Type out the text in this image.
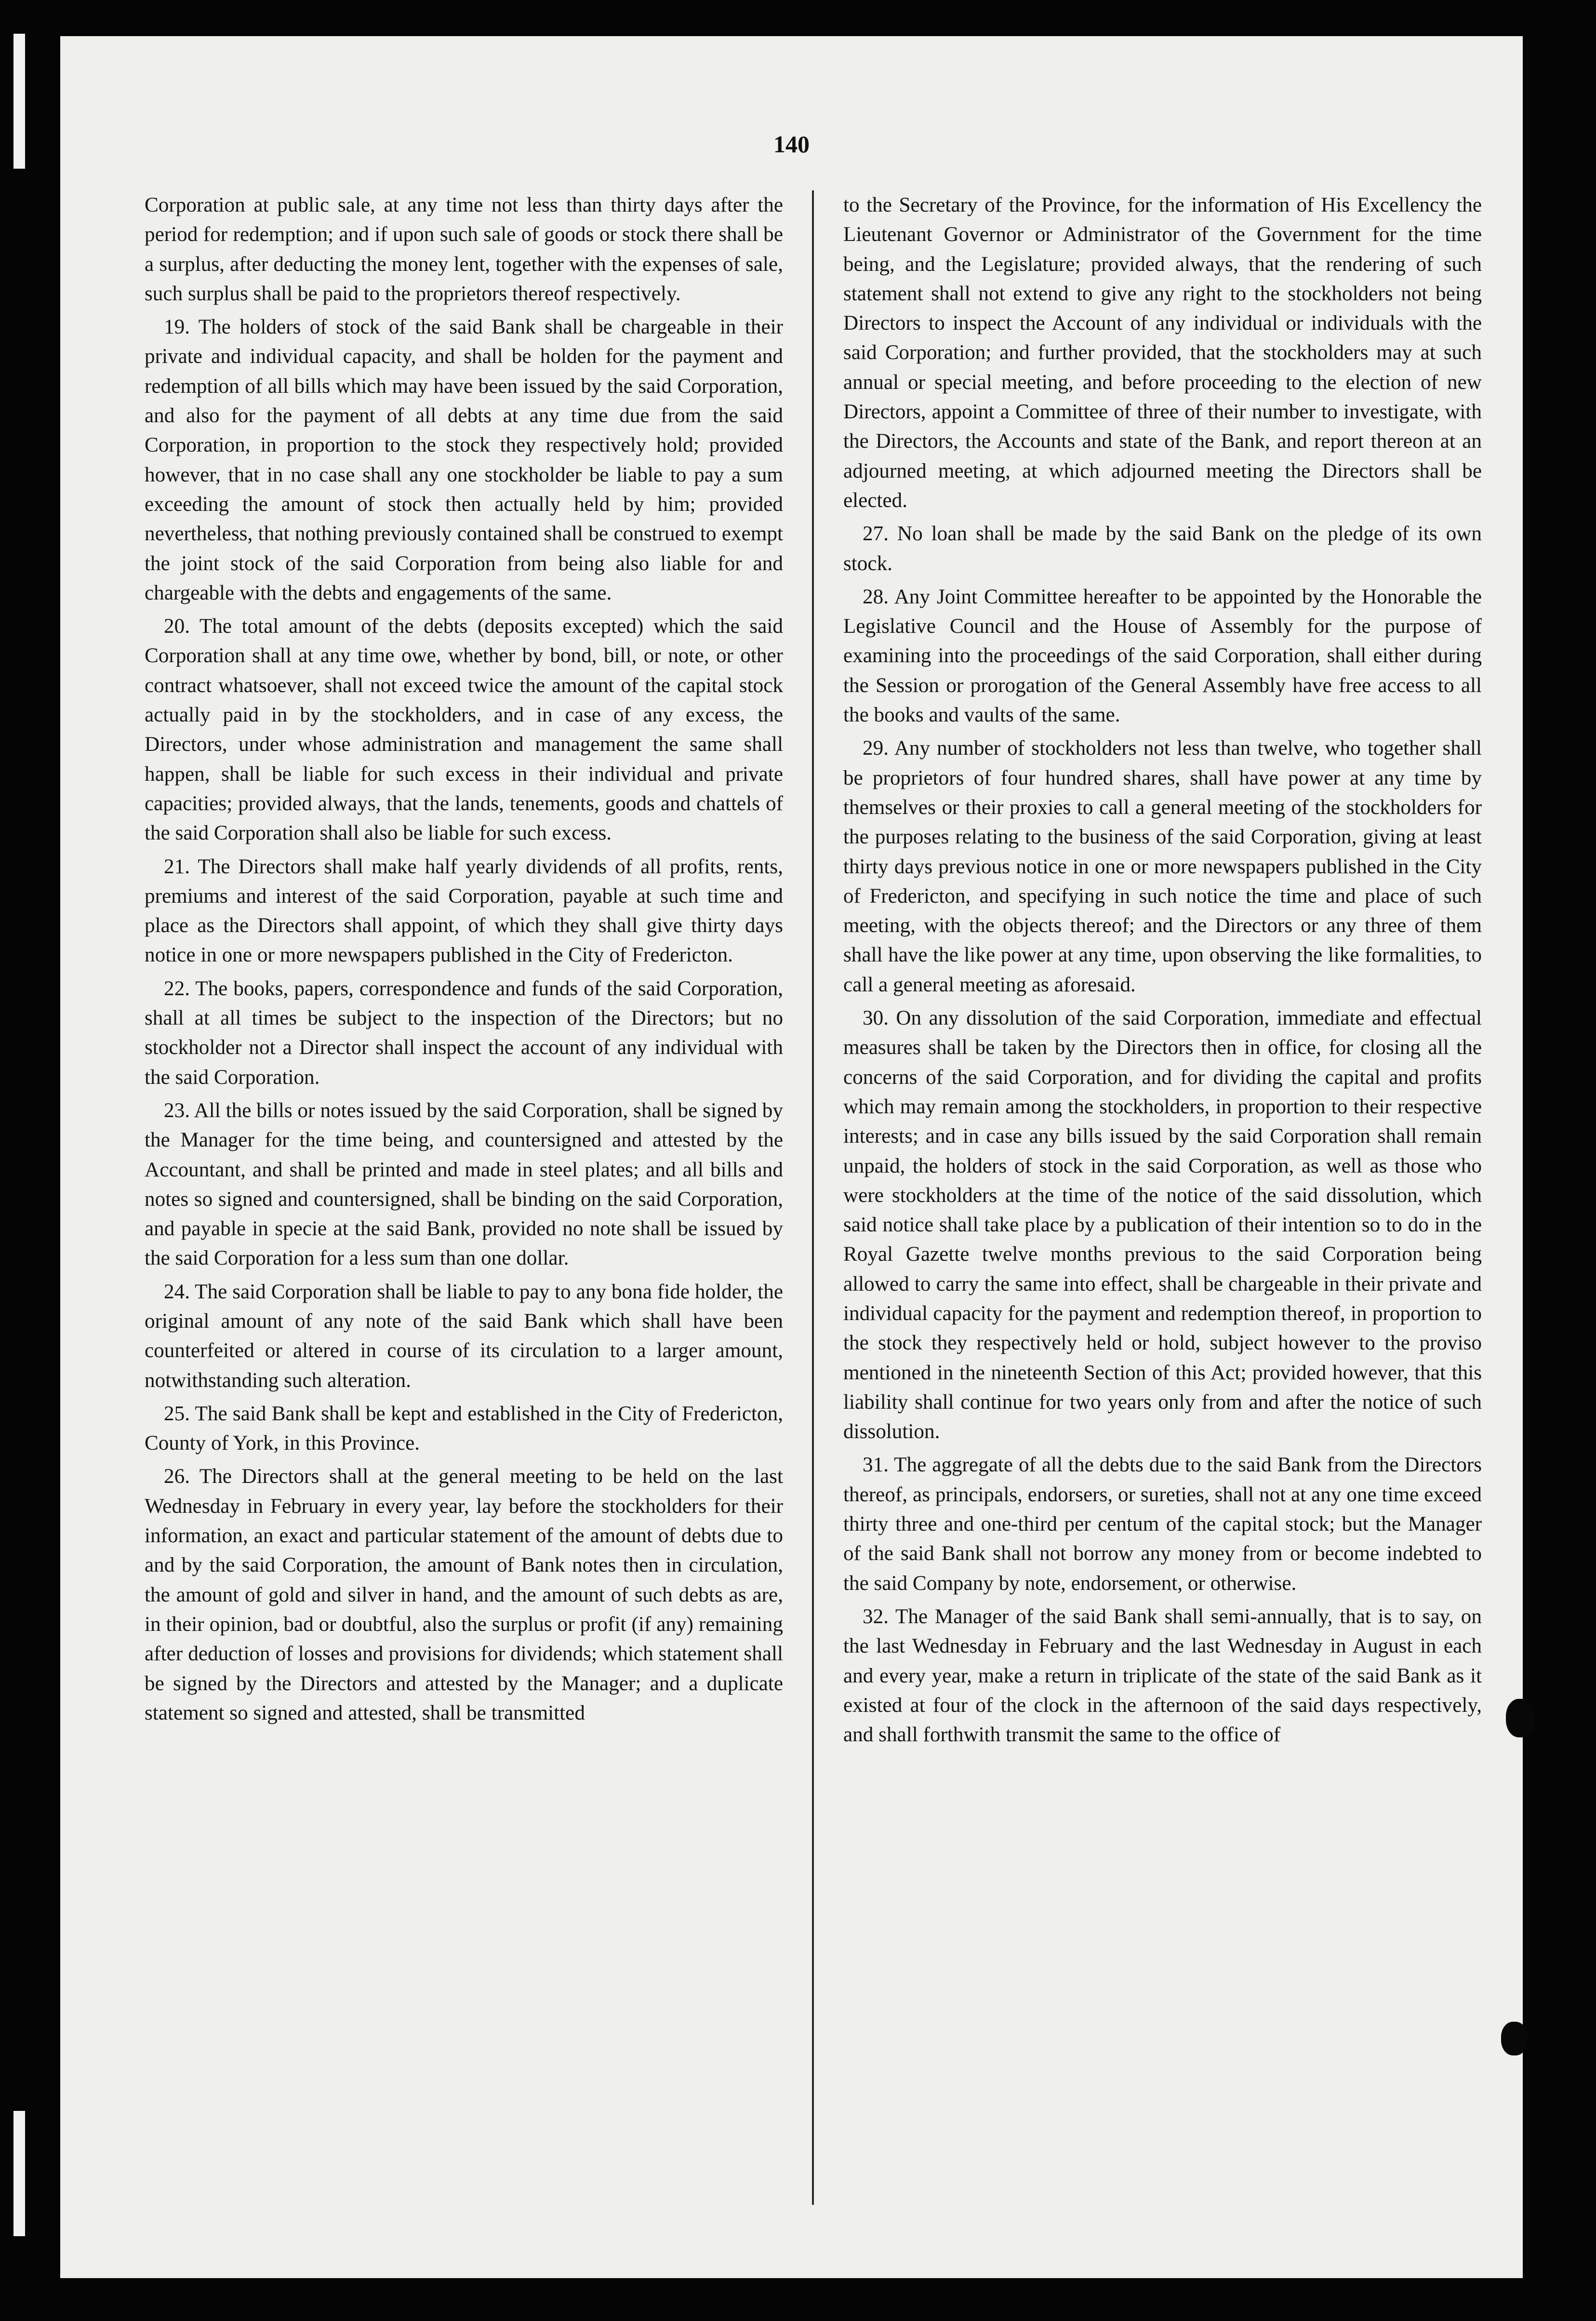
140

Corporation at public sale, at any time not less than thirty days after the period for redemption; and if upon such sale of goods or stock there shall be a surplus, after deducting the money lent, together with the expenses of sale, such surplus shall be paid to the proprietors thereof respectively.

19. The holders of stock of the said Bank shall be chargeable in their private and individual capacity, and shall be holden for the payment and redemption of all bills which may have been issued by the said Corporation, and also for the payment of all debts at any time due from the said Corporation, in proportion to the stock they respectively hold; provided however, that in no case shall any one stockholder be liable to pay a sum exceeding the amount of stock then actually held by him; provided nevertheless, that nothing previously contained shall be construed to exempt the joint stock of the said Corporation from being also liable for and chargeable with the debts and engagements of the same.

20. The total amount of the debts (deposits excepted) which the said Corporation shall at any time owe, whether by bond, bill, or note, or other contract whatsoever, shall not exceed twice the amount of the capital stock actually paid in by the stockholders, and in case of any excess, the Directors, under whose administration and management the same shall happen, shall be liable for such excess in their individual and private capacities; provided always, that the lands, tenements, goods and chattels of the said Corporation shall also be liable for such excess.

21. The Directors shall make half yearly dividends of all profits, rents, premiums and interest of the said Corporation, payable at such time and place as the Directors shall appoint, of which they shall give thirty days notice in one or more newspapers published in the City of Fredericton.

22. The books, papers, correspondence and funds of the said Corporation, shall at all times be subject to the inspection of the Directors; but no stockholder not a Director shall inspect the account of any individual with the said Corporation.

23. All the bills or notes issued by the said Corporation, shall be signed by the Manager for the time being, and countersigned and attested by the Accountant, and shall be printed and made in steel plates; and all bills and notes so signed and countersigned, shall be binding on the said Corporation, and payable in specie at the said Bank, provided no note shall be issued by the said Corporation for a less sum than one dollar.

24. The said Corporation shall be liable to pay to any bona fide holder, the original amount of any note of the said Bank which shall have been counterfeited or altered in course of its circulation to a larger amount, notwithstanding such alteration.

25. The said Bank shall be kept and established in the City of Fredericton, County of York, in this Province.

26. The Directors shall at the general meeting to be held on the last Wednesday in February in every year, lay before the stockholders for their information, an exact and particular statement of the amount of debts due to and by the said Corporation, the amount of Bank notes then in circulation, the amount of gold and silver in hand, and the amount of such debts as are, in their opinion, bad or doubtful, also the surplus or profit (if any) remaining after deduction of losses and provisions for dividends; which statement shall be signed by the Directors and attested by the Manager; and a duplicate statement so signed and attested, shall be transmitted

to the Secretary of the Province, for the information of His Excellency the Lieutenant Governor or Administrator of the Government for the time being, and the Legislature; provided always, that the rendering of such statement shall not extend to give any right to the stockholders not being Directors to inspect the Account of any individual or individuals with the said Corporation; and further provided, that the stockholders may at such annual or special meeting, and before proceeding to the election of new Directors, appoint a Committee of three of their number to investigate, with the Directors, the Accounts and state of the Bank, and report thereon at an adjourned meeting, at which adjourned meeting the Directors shall be elected.

27. No loan shall be made by the said Bank on the pledge of its own stock.

28. Any Joint Committee hereafter to be appointed by the Honorable the Legislative Council and the House of Assembly for the purpose of examining into the proceedings of the said Corporation, shall either during the Session or prorogation of the General Assembly have free access to all the books and vaults of the same.

29. Any number of stockholders not less than twelve, who together shall be proprietors of four hundred shares, shall have power at any time by themselves or their proxies to call a general meeting of the stockholders for the purposes relating to the business of the said Corporation, giving at least thirty days previous notice in one or more newspapers published in the City of Fredericton, and specifying in such notice the time and place of such meeting, with the objects thereof; and the Directors or any three of them shall have the like power at any time, upon observing the like formalities, to call a general meeting as aforesaid.

30. On any dissolution of the said Corporation, immediate and effectual measures shall be taken by the Directors then in office, for closing all the concerns of the said Corporation, and for dividing the capital and profits which may remain among the stockholders, in proportion to their respective interests; and in case any bills issued by the said Corporation shall remain unpaid, the holders of stock in the said Corporation, as well as those who were stockholders at the time of the notice of the said dissolution, which said notice shall take place by a publication of their intention so to do in the Royal Gazette twelve months previous to the said Corporation being allowed to carry the same into effect, shall be chargeable in their private and individual capacity for the payment and redemption thereof, in proportion to the stock they respectively held or hold, subject however to the proviso mentioned in the nineteenth Section of this Act; provided however, that this liability shall continue for two years only from and after the notice of such dissolution.

31. The aggregate of all the debts due to the said Bank from the Directors thereof, as principals, endorsers, or sureties, shall not at any one time exceed thirty three and one-third per centum of the capital stock; but the Manager of the said Bank shall not borrow any money from or become indebted to the said Company by note, endorsement, or otherwise.

32. The Manager of the said Bank shall semi-annually, that is to say, on the last Wednesday in February and the last Wednesday in August in each and every year, make a return in triplicate of the state of the said Bank as it existed at four of the clock in the afternoon of the said days respectively, and shall forthwith transmit the same to the office of
